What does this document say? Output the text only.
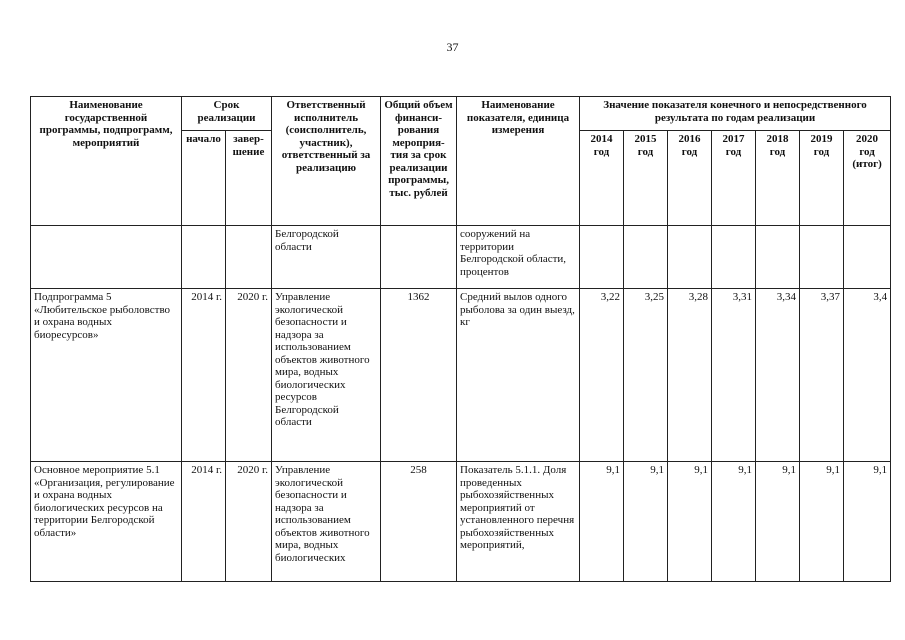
37
Наименование государственной программы, подпрограмм, мероприятий	Срок реализации		Ответственный исполнитель (соисполнитель, участник), ответственный за реализацию	Общий объем финанси-рования мероприя-тия за срок реализации программы, тыс. рублей	Наименование показателя, единица измерения	Значение показателя конечного и непосредственного результата по годам реализации						
	начало	завер-шение				2014 год	2015 год	2016 год	2017 год	2018 год	2019 год	2020 год (итог)
			Белгородской области		сооружений на территории Белгородской области, процентов							
Подпрограмма 5 «Любительское рыболовство и охрана водных биоресурсов»	2014 г.	2020 г.	Управление экологической безопасности и надзора за использованием объектов животного мира, водных биологических ресурсов Белгородской области	1362	Средний вылов одного рыболова за один выезд, кг	3,22	3,25	3,28	3,31	3,34	3,37	3,4
Основное мероприятие 5.1 «Организация, регулирование и охрана водных биологических ресурсов на территории Белгородской области»	2014 г.	2020 г.	Управление экологической безопасности и надзора за использованием объектов животного мира, водных биологических	258	Показатель 5.1.1. Доля проведенных рыбохозяйственных мероприятий от установленного перечня рыбохозяйственных мероприятий,	9,1	9,1	9,1	9,1	9,1	9,1	9,1
